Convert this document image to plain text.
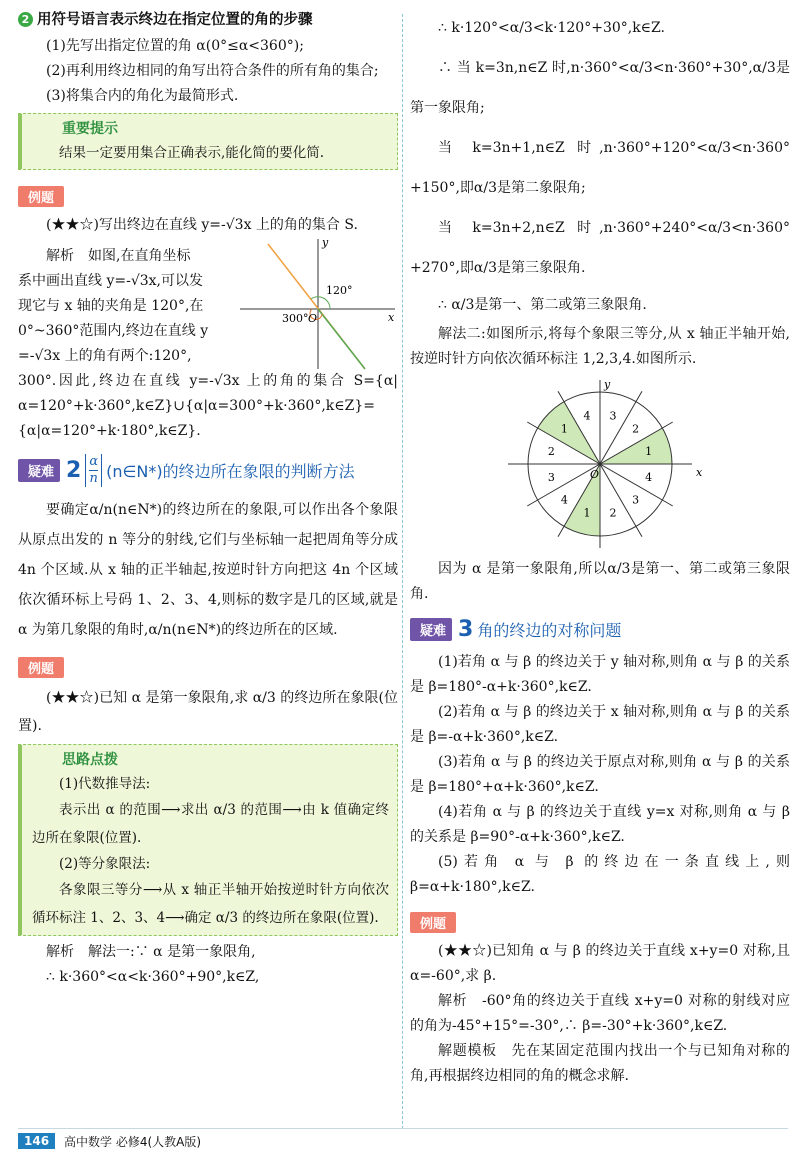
2 用符号语言表示终边在指定位置的角的步骤

(1)先写出指定位置的角 α(0°≤α<360°);

(2)再利用终边相同的角写出符合条件的所有角的集合;

(3)将集合内的角化为最简形式.

重要提示

结果一定要用集合正确表示,能化简的要化简.

例题

(★★☆)写出终边在直线 y=-√3x 上的角的集合 S.

解析　如图,在直角坐标

系中画出直线 y=-√3x,可以发

现它与 x 轴的夹角是 120°,在

0°~360°范围内,终边在直线 y

=-√3x 上的角有两个:120°,

y
x
O
120°
300°

300°.因此,终边在直线 y=-√3x 上的角的集合 S={α|α=120°+k·360°,k∈Z}∪{α|α=300°+k·360°,k∈Z}={α|α=120°+k·180°,k∈Z}.

疑难 $2 \frac{\alpha}{n}$ (n∈N*)的终边所在象限的判断方法

要确定α/n(n∈N*)的终边所在的象限,可以作出各个象限从原点出发的 n 等分的射线,它们与坐标轴一起把周角等分成 4n 个区域.从 x 轴的正半轴起,按逆时针方向把这 4n 个区域依次循环标上号码 1、2、3、4,则标的数字是几的区域,就是 α 为第几象限的角时,α/n(n∈N*)的终边所在的区域.

例题

(★★☆)已知 α 是第一象限角,求 α/3 的终边所在象限(位置).

思路点拨

(1)代数推导法:

表示出 α 的范围⟶求出 α/3 的范围⟶由 k 值确定终边所在象限(位置).

(2)等分象限法:

各象限三等分⟶从 x 轴正半轴开始按逆时针方向依次循环标注 1、2、3、4⟶确定 α/3 的终边所在象限(位置).

解析　解法一:∵ α 是第一象限角,

∴ k·360°<α<k·360°+90°,k∈Z,

∴ k·120°<α/3<k·120°+30°,k∈Z.

∴ 当 k=3n,n∈Z 时,n·360°<α/3<n·360°+30°,α/3是第一象限角;

当 k=3n+1,n∈Z 时,n·360°+120°<α/3<n·360°+150°,即α/3是第二象限角;

当 k=3n+2,n∈Z 时,n·360°+240°<α/3<n·360°+270°,即α/3是第三象限角.

∴ α/3是第一、第二或第三象限角.

解法二:如图所示,将每个象限三等分,从 x 轴正半轴开始,按逆时针方向依次循环标注 1,2,3,4.如图所示.

1
2
3
4
1
2
3
4
1 2
3
4	x
y
O

因为 α 是第一象限角,所以α/3是第一、第二或第三象限角.

疑难 3 角的终边的对称问题

(1)若角 α 与 β 的终边关于 y 轴对称,则角 α 与 β 的关系是 β=180°-α+k·360°,k∈Z.

(2)若角 α 与 β 的终边关于 x 轴对称,则角 α 与 β 的关系是 β=-α+k·360°,k∈Z.

(3)若角 α 与 β 的终边关于原点对称,则角 α 与 β 的关系是 β=180°+α+k·360°,k∈Z.

(4)若角 α 与 β 的终边关于直线 y=x 对称,则角 α 与 β 的关系是 β=90°-α+k·360°,k∈Z.

(5)若角 α 与 β 的终边在一条直线上,则 β=α+k·180°,k∈Z.

例题

(★★☆)已知角 α 与 β 的终边关于直线 x+y=0 对称,且 α=-60°,求 β.

解析　-60°角的终边关于直线 x+y=0 对称的射线对应的角为-45°+15°=-30°,∴ β=-30°+k·360°,k∈Z.

解题模板　先在某固定范围内找出一个与已知角对称的角,再根据终边相同的角的概念求解.

146	高中数学 必修4(人教A版)
